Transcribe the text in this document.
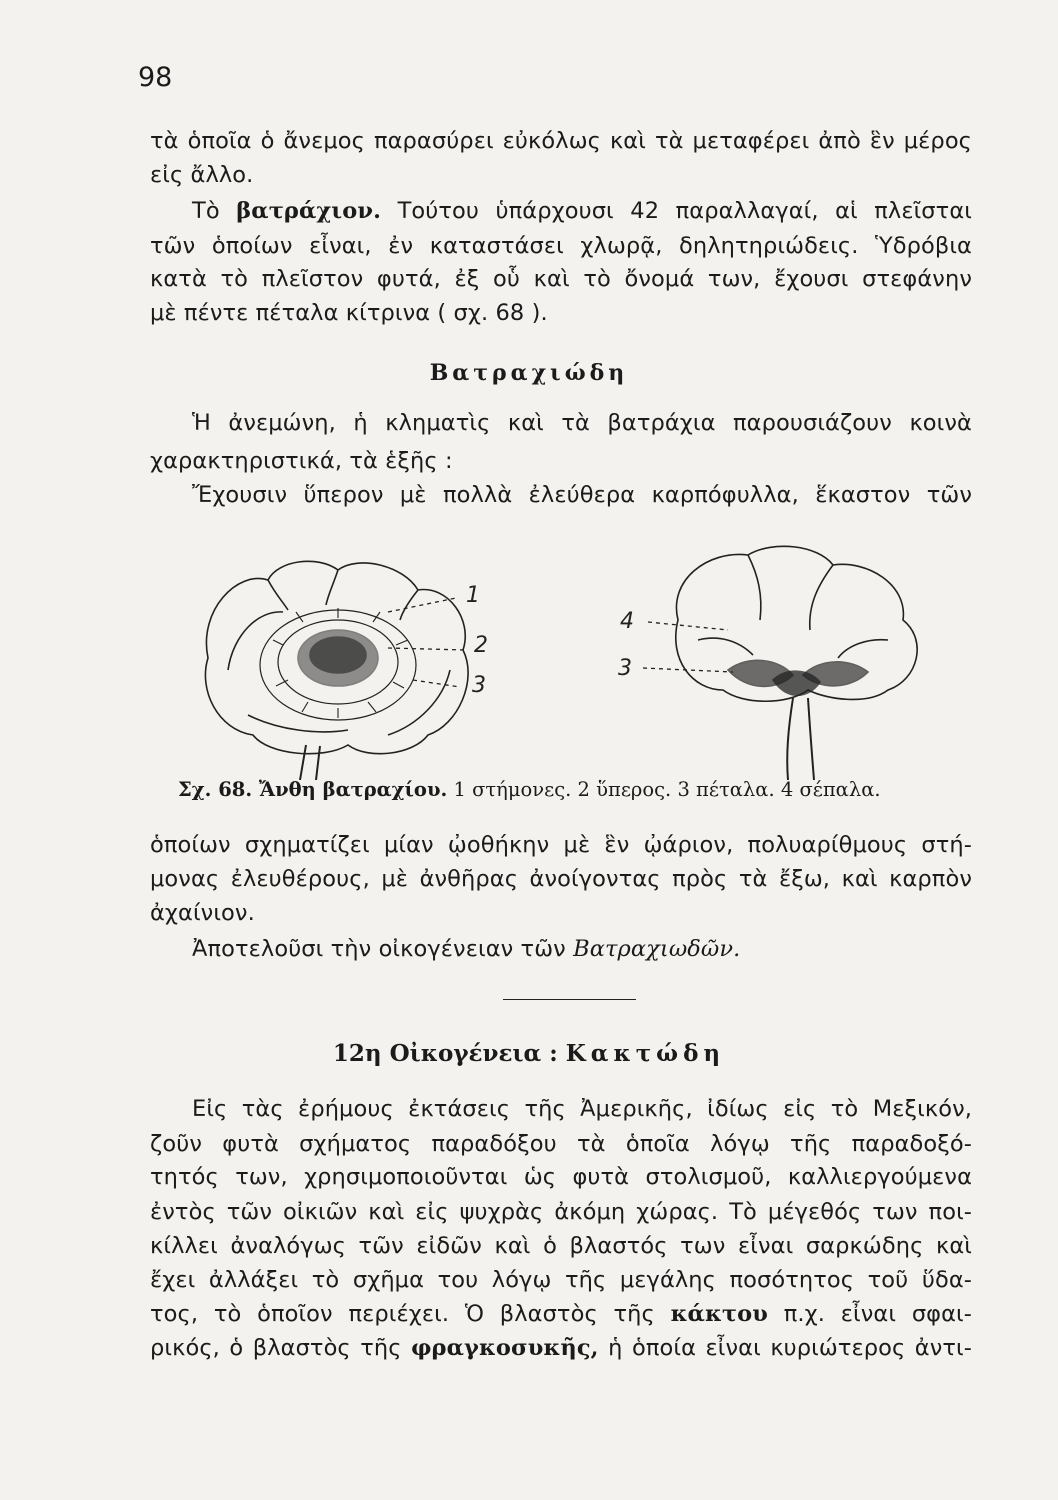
98
τὰ ὁποῖα ὁ ἄνεμος παρασύρει εὐκόλως καὶ τὰ μεταφέρει ἀπὸ ἓν μέρος
εἰς ἄλλο.
Τὸ βατράχιον. Τούτου ὑπάρχουσι 42 παραλλαγαί, αἱ πλεῖσται
τῶν ὁποίων εἶναι, ἐν καταστάσει χλωρᾷ, δηλητηριώδεις. Ὑδρόβια
κατὰ τὸ πλεῖστον φυτά, ἐξ οὗ καὶ τὸ ὄνομά των, ἔχουσι στεφάνην
μὲ πέντε πέταλα κίτρινα ( σχ. 68 ).
Βατραχιώδη
Ἡ ἀνεμώνη, ἡ κληματὶς καὶ τὰ βατράχια παρουσιάζουν κοινὰ
χαρακτηριστικά, τὰ ἑξῆς :
Ἔχουσιν ὕπερον μὲ πολλὰ ἐλεύθερα καρπόφυλλα, ἕκαστον τῶν
1
2
3
4
3
Σχ. 68. Ἄνθη βατραχίου. 1 στήμονες. 2 ὕπερος. 3 πέταλα. 4 σέπαλα.
ὁποίων σχηματίζει μίαν ᾠοθήκην μὲ ἓν ᾠάριον, πολυαρίθμους στή-
μονας ἐλευθέρους, μὲ ἀνθῆρας ἀνοίγοντας πρὸς τὰ ἔξω, καὶ καρπὸν
ἀχαίνιον.
Ἀποτελοῦσι τὴν οἰκογένειαν τῶν Βατραχιωδῶν.
12η Οἰκογένεια : Κακτώδη
Εἰς τὰς ἐρήμους ἐκτάσεις τῆς Ἀμερικῆς, ἰδίως εἰς τὸ Μεξικόν,
ζοῦν φυτὰ σχήματος παραδόξου τὰ ὁποῖα λόγῳ τῆς παραδοξό-
τητός των, χρησιμοποιοῦνται ὡς φυτὰ στολισμοῦ, καλλιεργούμενα
ἐντὸς τῶν οἰκιῶν καὶ εἰς ψυχρὰς ἀκόμη χώρας. Τὸ μέγεθός των ποι-
κίλλει ἀναλόγως τῶν εἰδῶν καὶ ὁ βλαστός των εἶναι σαρκώδης καὶ
ἔχει ἀλλάξει τὸ σχῆμα του λόγῳ τῆς μεγάλης ποσότητος τοῦ ὕδα-
τος, τὸ ὁποῖον περιέχει. Ὁ βλαστὸς τῆς κάκτου π.χ. εἶναι σφαι-
ρικός, ὁ βλαστὸς τῆς φραγκοσυκῆς, ἡ ὁποία εἶναι κυριώτερος ἀντι-
